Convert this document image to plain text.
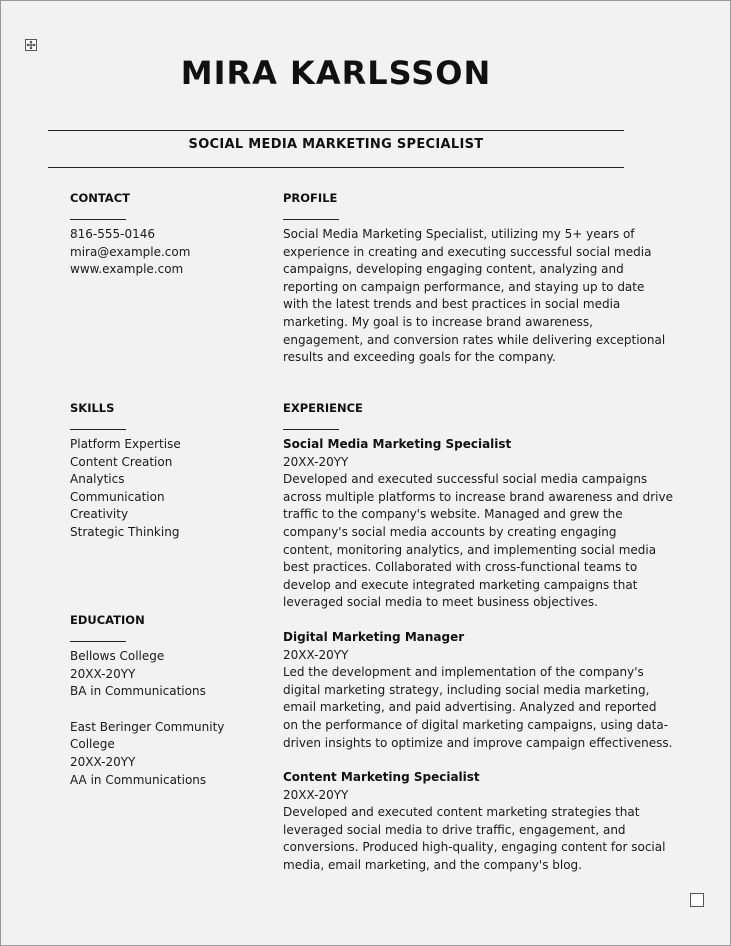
MIRA KARLSSON
SOCIAL MEDIA MARKETING SPECIALIST
CONTACT
816-555-0146
mira@example.com
www.example.com
PROFILE
Social Media Marketing Specialist, utilizing my 5+ years of
experience in creating and executing successful social media
campaigns, developing engaging content, analyzing and
reporting on campaign performance, and staying up to date
with the latest trends and best practices in social media
marketing. My goal is to increase brand awareness,
engagement, and conversion rates while delivering exceptional
results and exceeding goals for the company.
SKILLS
Platform Expertise
Content Creation
Analytics
Communication
Creativity
Strategic Thinking
EDUCATION
Bellows College
20XX-20YY
BA in Communications
East Beringer Community
College
20XX-20YY
AA in Communications
EXPERIENCE
Social Media Marketing Specialist
20XX-20YY
Developed and executed successful social media campaigns
across multiple platforms to increase brand awareness and drive
traffic to the company's website. Managed and grew the
company's social media accounts by creating engaging
content, monitoring analytics, and implementing social media
best practices. Collaborated with cross-functional teams to
develop and execute integrated marketing campaigns that
leveraged social media to meet business objectives.
Digital Marketing Manager
20XX-20YY
Led the development and implementation of the company's
digital marketing strategy, including social media marketing,
email marketing, and paid advertising. Analyzed and reported
on the performance of digital marketing campaigns, using data-
driven insights to optimize and improve campaign effectiveness.
Content Marketing Specialist
20XX-20YY
Developed and executed content marketing strategies that
leveraged social media to drive traffic, engagement, and
conversions. Produced high-quality, engaging content for social
media, email marketing, and the company's blog.
